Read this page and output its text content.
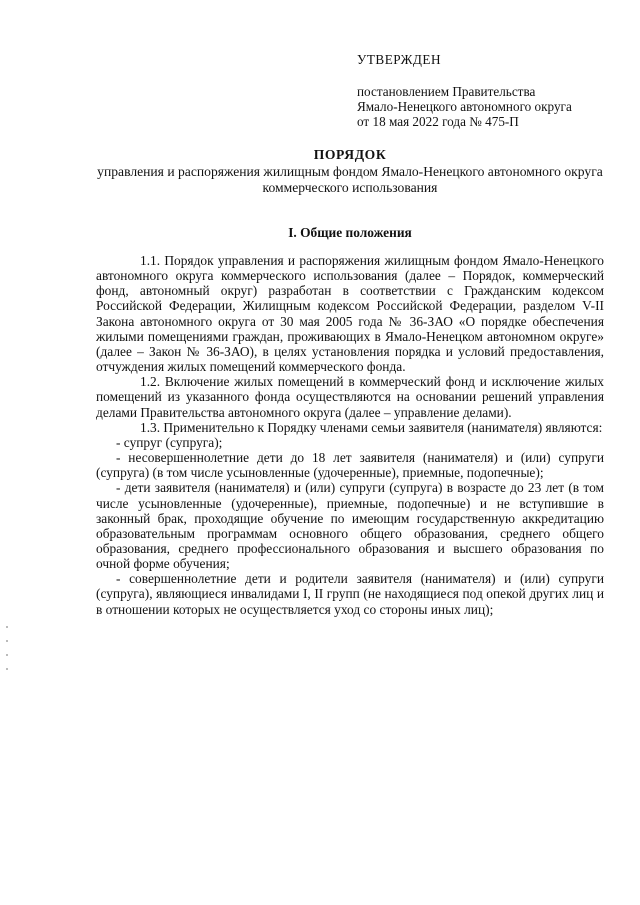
УТВЕРЖДЕН
постановлением Правительства
Ямало-Ненецкого автономного округа
от 18 мая 2022 года № 475-П
ПОРЯДОК
управления и распоряжения жилищным фондом Ямало-Ненецкого автономного округа коммерческого использования
I. Общие положения

1.1. Порядок управления и распоряжения жилищным фондом Ямало-Ненецкого автономного округа коммерческого использования (далее – Порядок, коммерческий фонд, автономный округ) разработан в соответствии с Гражданским кодексом Российской Федерации, Жилищным кодексом Российской Федерации, разделом V-II Закона автономного округа от 30 мая 2005 года № 36-ЗАО «О порядке обеспечения жилыми помещениями граждан, проживающих в Ямало-Ненецком автономном округе» (далее – Закон № 36-ЗАО), в целях установления порядка и условий предоставления, отчуждения жилых помещений коммерческого фонда.

1.2. Включение жилых помещений в коммерческий фонд и исключение жилых помещений из указанного фонда осуществляются на основании решений управления делами Правительства автономного округа (далее – управление делами).

1.3. Применительно к Порядку членами семьи заявителя (нанимателя) являются:

- супруг (супруга);

- несовершеннолетние дети до 18 лет заявителя (нанимателя) и (или) супруги (супруга) (в том числе усыновленные (удочеренные), приемные, подопечные);

- дети заявителя (нанимателя) и (или) супруги (супруга) в возрасте до 23 лет (в том числе усыновленные (удочеренные), приемные, подопечные) и не вступившие в законный брак, проходящие обучение по имеющим государственную аккредитацию образовательным программам основного общего образования, среднего общего образования, среднего профессионального образования и высшего образования по очной форме обучения;

- совершеннолетние дети и родители заявителя (нанимателя) и (или) супруги (супруга), являющиеся инвалидами I, II групп (не находящиеся под опекой других лиц и в отношении которых не осуществляется уход со стороны иных лиц);
